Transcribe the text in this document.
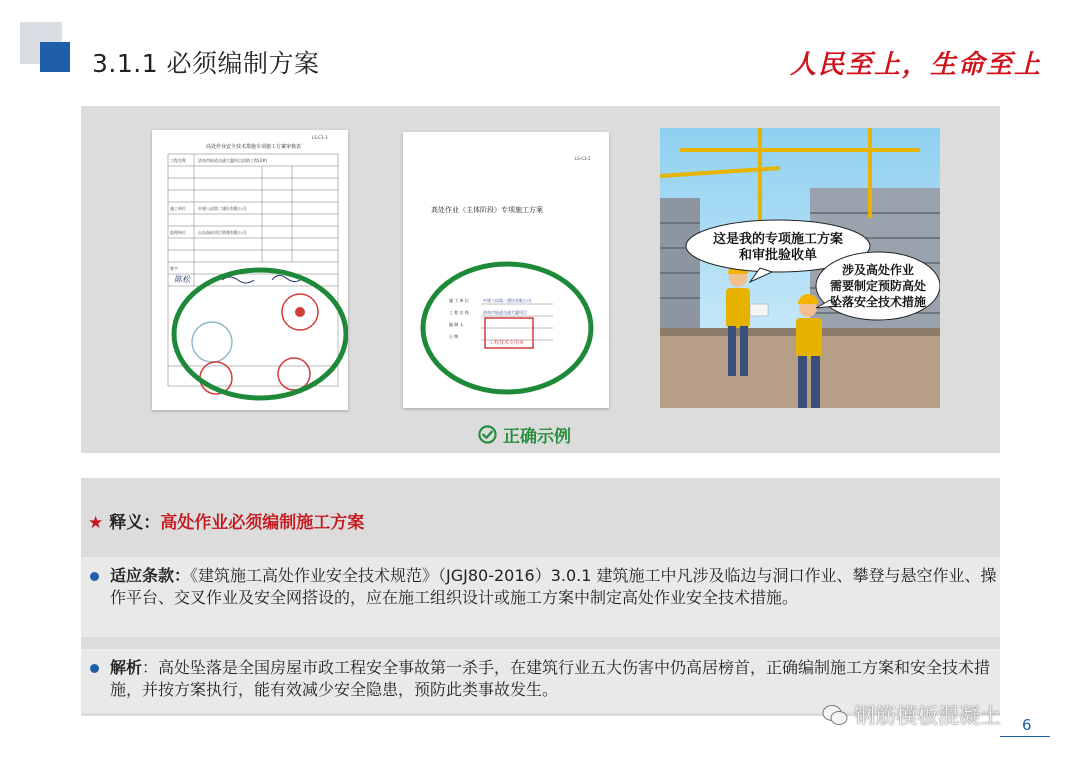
3.1.1 必须编制方案	人民至上，生命至上
LS-C3-3
高处作业安全技术措施 专项施工方案审核表
工程名称	济南市轨道交通大厦项目消防工程(2#)
施工单位	中建八局第二建设有限公司
监理单位	山东高标项目管理有限公司
签字
陈松
LS-C3-2
高处作业（主体阶段）专项施工方案
施 工 单 位	中建八局第二建设有限公司
工 程 名 称	济南市轨道交通大厦项目
编 制 人
日 期
工程技术专用章
这是我的专项施工方案
和审批验收单
涉及高处作业
需要制定预防高处
坠落安全技术措施
正确示例
★ 释义：高处作业必须编制施工方案
适应条款：《建筑施工高处作业安全技术规范》（JGJ80-2016）3.0.1 建筑施工中凡涉及临边与洞口作业、攀登与悬空作业、操作平台、交叉作业及安全网搭设的，应在施工组织设计或施工方案中制定高处作业安全技术措施。
解析：高处坠落是全国房屋市政工程安全事故第一杀手，在建筑行业五大伤害中仍高居榜首，正确编制施工方案和安全技术措施，并按方案执行，能有效减少安全隐患，预防此类事故发生。
钢筋模板混凝土 6
